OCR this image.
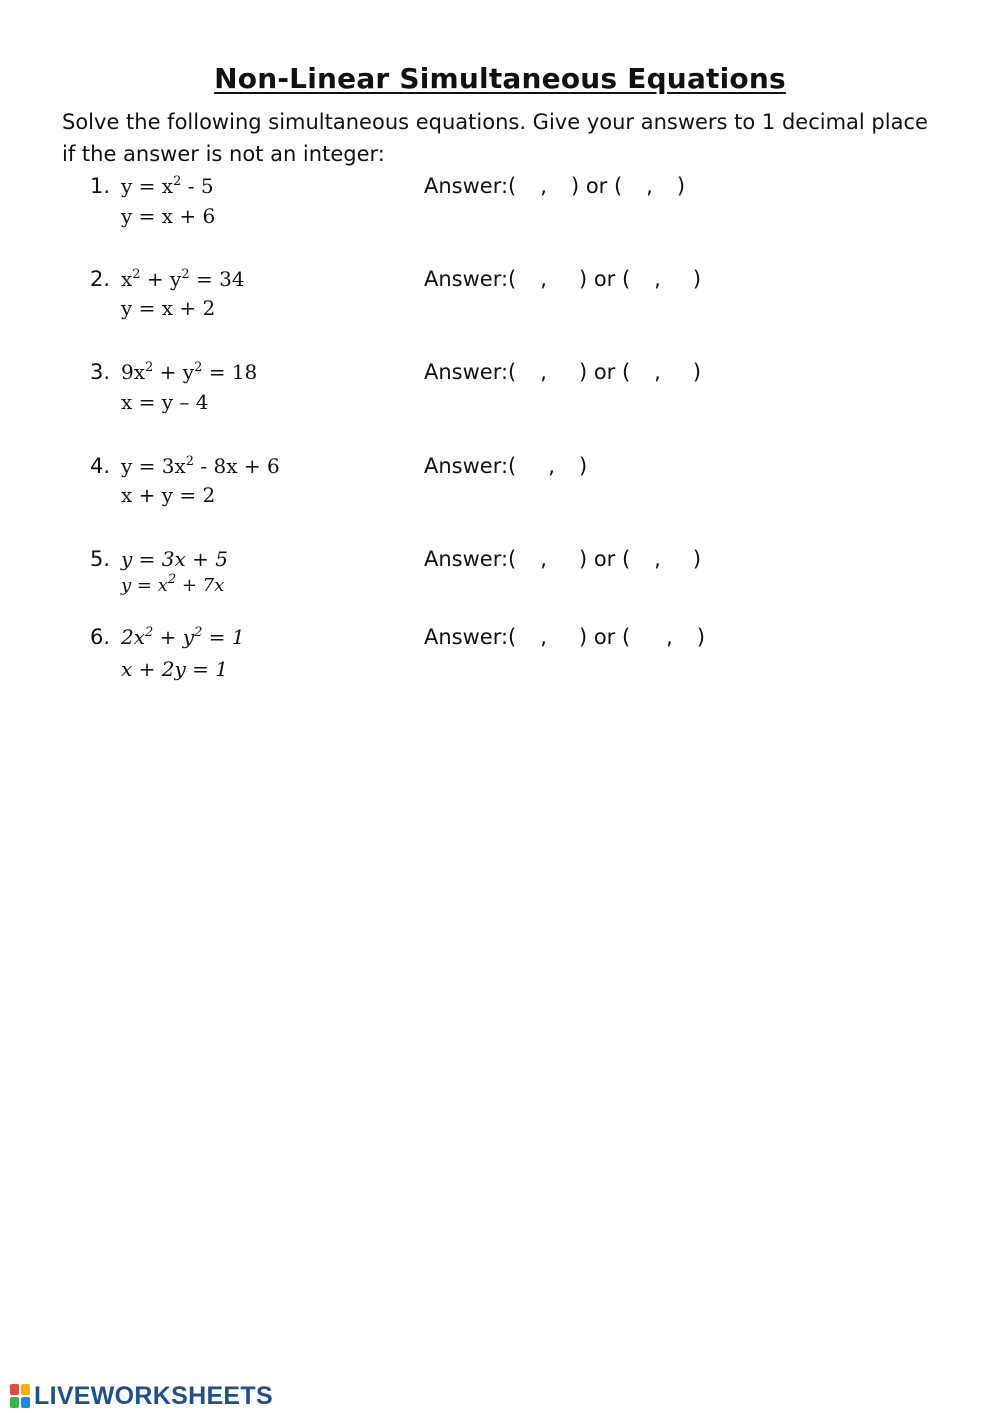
Non-Linear Simultaneous Equations
Solve the following simultaneous equations. Give your answers to 1 decimal place if the answer is not an integer:
1. $y = x^2 - 5$
y = x + 6
Answer:( , ) or ( , )
2. $x^2 + y^2 = 34$
y = x + 2
Answer:( , ) or ( , )
3. $9x^2 + y^2 = 18$
x = y – 4
Answer:( , ) or ( , )
4. $y = 3x^2 - 8x + 6$
x + y = 2
Answer:( , )
5. y = 3x + 5
$y = x^2 + 7x$
Answer:( , ) or ( , )
6. $2x^2 + y^2 = 1$
x + 2y = 1
Answer:( , ) or ( , )
LIVEWORKSHEETS
